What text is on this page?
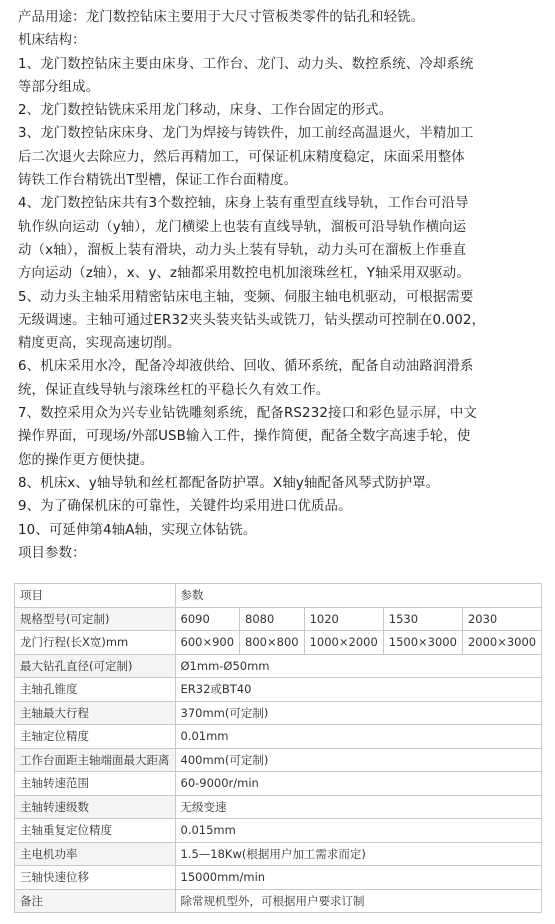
产品用途：龙门数控钻床主要用于大尺寸管板类零件的钻孔和轻铣。
机床结构：
1、龙门数控钻床主要由床身、工作台、龙门、动力头、数控系统、冷却系统
等部分组成。
2、龙门数控钻铣床采用龙门移动，床身、工作台固定的形式。
3、龙门数控钻床床身、龙门为焊接与铸铁件，加工前经高温退火，半精加工
后二次退火去除应力，然后再精加工，可保证机床精度稳定，床面采用整体
铸铁工作台精铣出T型槽，保证工作台面精度。
4、龙门数控钻床共有3个数控轴，床身上装有重型直线导轨，工作台可沿导
轨作纵向运动（y轴），龙门横梁上也装有直线导轨，溜板可沿导轨作横向运
动（x轴），溜板上装有滑块，动力头上装有导轨，动力头可在溜板上作垂直
方向运动（z轴），x、y、z轴都采用数控电机加滚珠丝杠，Y轴采用双驱动。
5、动力头主轴采用精密钻床电主轴，变频、伺服主轴电机驱动，可根据需要
无级调速。主轴可通过ER32夹头装夹钻头或铣刀，钻头摆动可控制在0.002，
精度更高，实现高速切削。
6、机床采用水冷，配备冷却液供给、回收、循环系统，配备自动油路润滑系
统，保证直线导轨与滚珠丝杠的平稳长久有效工作。
7、数控采用众为兴专业钻铣雕刻系统，配备RS232接口和彩色显示屏，中文
操作界面，可现场/外部USB输入工件，操作简便，配备全数字高速手轮，使
您的操作更方便快捷。
8、机床x、y轴导轨和丝杠都配备防护罩。X轴y轴配备风琴式防护罩。
9、为了确保机床的可靠性，关键件均采用进口优质品。
10、可延伸第4轴A轴，实现立体钻铣。
项目参数：
项目	参数				
规格型号(可定制)	6090	8080	1020	1530	2030
龙门行程(长X宽)mm	600×900	800×800	1000×2000	1500×3000	2000×3000
最大钻孔直径(可定制)	Ø1mm-Ø50mm				
主轴孔锥度	ER32或BT40				
主轴最大行程	370mm(可定制)				
主轴定位精度	0.01mm				
工作台面距主轴端面最大距离	400mm(可定制)				
主轴转速范围	60-9000r/min				
主轴转速级数	无级变速				
主轴重复定位精度	0.015mm				
主电机功率	1.5—18Kw(根据用户加工需求而定)				
三轴快速位移	15000mm/min				
备注	除常规机型外，可根据用户要求订制				
